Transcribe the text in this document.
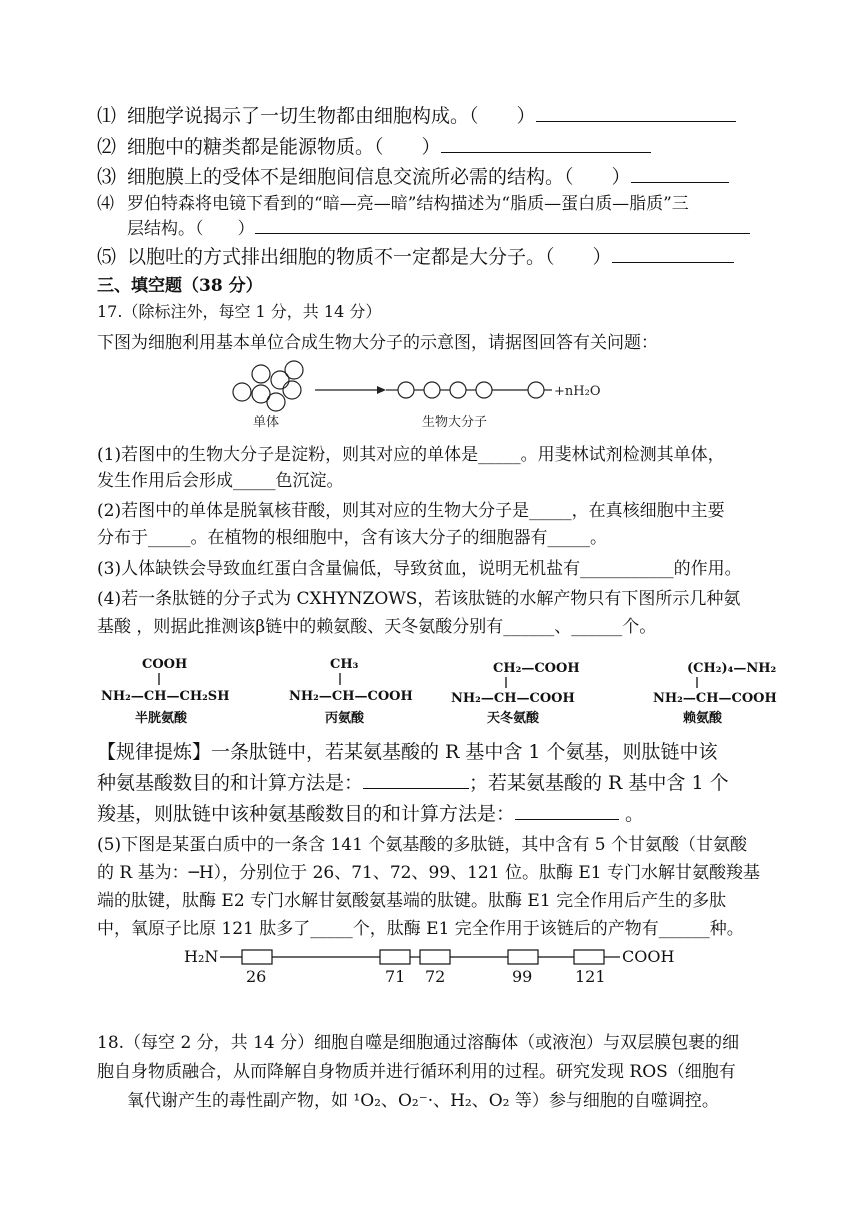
⑴ 细胞学说揭示了一切生物都由细胞构成。（　　）
⑵ 细胞中的糖类都是能源物质。（　　）
⑶ 细胞膜上的受体不是细胞间信息交流所必需的结构。（　　）
⑷ 罗伯特森将电镜下看到的“暗—亮—暗”结构描述为“脂质—蛋白质—脂质”三
层结构。（　　）
⑸ 以胞吐的方式排出细胞的物质不一定都是大分子。（　　）
三、填空题（38 分）
17.（除标注外，每空 1 分，共 14 分）
下图为细胞利用基本单位合成生物大分子的示意图，请据图回答有关问题：
+nH₂O
单体	生物大分子
(1)若图中的生物大分子是淀粉，则其对应的单体是_____。用斐林试剂检测其单体，
发生作用后会形成_____色沉淀。
(2)若图中的单体是脱氧核苷酸，则其对应的生物大分子是_____，在真核细胞中主要
分布于_____。在植物的根细胞中，含有该大分子的细胞器有_____。
(3)人体缺铁会导致血红蛋白含量偏低，导致贫血，说明无机盐有___________的作用。
(4)若一条肽链的分子式为 CXHYNZOWS，若该肽链的水解产物只有下图所示几种氨
基酸 ，则据此推测该β链中的赖氨酸、天冬氨酸分别有______、______个。
COOH
NH₂—CH—CH₂SH
半胱氨酸
CH₃
NH₂—CH—COOH
丙氨酸
CH₂—COOH
NH₂—CH—COOH
天冬氨酸
(CH₂)₄—NH₂
NH₂—CH—COOH
赖氨酸
【规律提炼】一条肽链中，若某氨基酸的 R 基中含 1 个氨基，则肽链中该
种氨基酸数目的和计算方法是：	；若某氨基酸的 R 基中含 1 个
羧基，则肽链中该种氨基酸数目的和计算方法是：	。
(5)下图是某蛋白质中的一条含 141 个氨基酸的多肽链，其中含有 5 个甘氨酸（甘氨酸
的 R 基为：─H），分别位于 26、71、72、99、121 位。肽酶 E1 专门水解甘氨酸羧基
端的肽键，肽酶 E2 专门水解甘氨酸氨基端的肽键。肽酶 E1 完全作用后产生的多肽
中，氧原子比原 121 肽多了_____个，肽酶 E1 完全作用于该链后的产物有______种。
H₂N	COOH
26	71 72	99	121
18.（每空 2 分，共 14 分）细胞自噬是细胞通过溶酶体（或液泡）与双层膜包裹的细
胞自身物质融合，从而降解自身物质并进行循环利用的过程。研究发现 ROS（细胞有
氧代谢产生的毒性副产物，如 ¹O₂、O₂⁻·、H₂、O₂ 等）参与细胞的自噬调控。
